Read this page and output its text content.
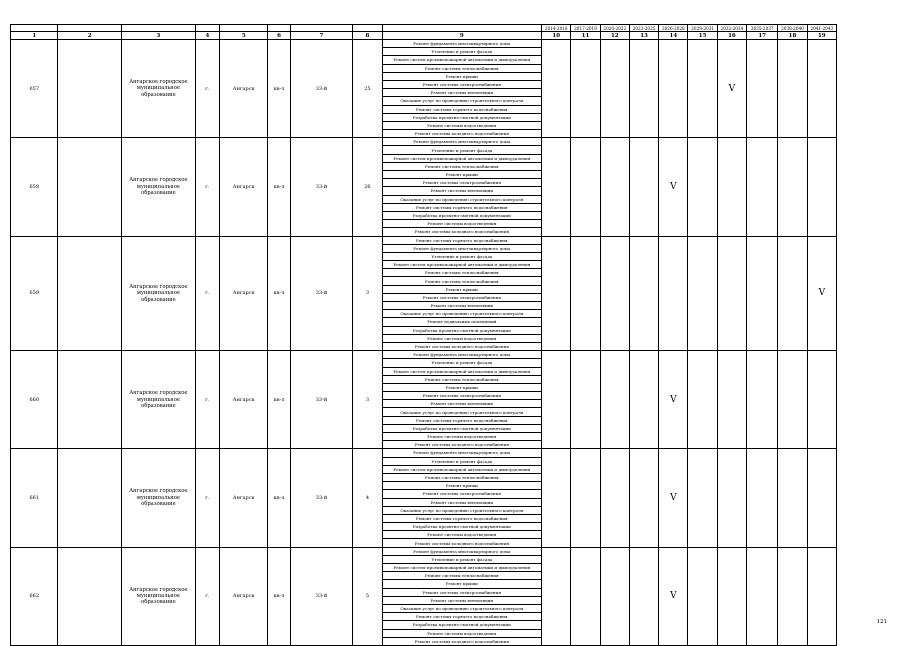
									2014-2016	2017-2019	2020-2022	2023-2025	2026-2028	2029-2031	2032-2034	2035-2037	2038-2040	2041-2043
1	2	3	4	5	6	7	8	9	10	11	12	13	14	15	16	17	18	19
657		Ангарское городское муниципальное образование	г.	Ангарск	кв-л	33-й	25	Ремонт фундамента многоквартирного дома							V			
								Утепление и ремонт фасада										
								Ремонт систем противопожарной автоматики и дымоудаления										
								Ремонт системы теплоснабжения										
								Ремонт крыши										
								Ремонт системы электроснабжения										
								Ремонт системы вентиляции										
								Оказание услуг по проведению строительного контроля										
								Ремонт системы горячего водоснабжения										
								Разработка проектно-сметной документации										
								Ремонт системы водоотведения										
								Ремонт системы холодного водоснабжения										
658		Ангарское городское муниципальное образование	г.	Ангарск	кв-л	33-й	26	Ремонт фундамента многоквартирного дома					V					
								Утепление и ремонт фасада										
								Ремонт систем противопожарной автоматики и дымоудаления										
								Ремонт системы теплоснабжения										
								Ремонт крыши										
								Ремонт системы электроснабжения										
								Ремонт системы вентиляции										
								Оказание услуг по проведению строительного контроля										
								Ремонт системы горячего водоснабжения										
								Разработка проектно-сметной документации										
								Ремонт системы водоотведения										
								Ремонт системы холодного водоснабжения										
659		Ангарское городское муниципальное образование	г.	Ангарск	кв-л	33-й	3	Ремонт системы горячего водоснабжения										V
								Ремонт фундамента многоквартирного дома										
								Утепление и ремонт фасада										
								Ремонт систем противопожарной автоматики и дымоудаления										
								Ремонт системы теплоснабжения										
								Ремонт системы теплоснабжения										
								Ремонт крыши										
								Ремонт системы электроснабжения										
								Ремонт системы вентиляции										
								Оказание услуг по проведению строительного контроля										
								Ремонт подвальных помещений										
								Разработка проектно-сметной документации										
								Ремонт системы водоотведения										
								Ремонт системы холодного водоснабжения										
660		Ангарское городское муниципальное образование	г.	Ангарск	кв-л	33-й	3	Ремонт фундамента многоквартирного дома					V					
								Утепление и ремонт фасада										
								Ремонт систем противопожарной автоматики и дымоудаления										
								Ремонт системы теплоснабжения										
								Ремонт крыши										
								Ремонт системы электроснабжения										
								Ремонт системы вентиляции										
								Оказание услуг по проведению строительного контроля										
								Ремонт системы горячего водоснабжения										
								Разработка проектно-сметной документации										
								Ремонт системы водоотведения										
								Ремонт системы холодного водоснабжения										
661		Ангарское городское муниципальное образование	г.	Ангарск	кв-л	33-й	4	Ремонт фундамента многоквартирного дома					V					
								Утепление и ремонт фасада										
								Ремонт систем противопожарной автоматики и дымоудаления										
								Ремонт системы теплоснабжения										
								Ремонт крыши										
								Ремонт системы электроснабжения										
								Ремонт системы вентиляции										
								Оказание услуг по проведению строительного контроля										
								Ремонт системы горячего водоснабжения										
								Разработка проектно-сметной документации										
								Ремонт системы водоотведения										
								Ремонт системы холодного водоснабжения										
662		Ангарское городское муниципальное образование	г.	Ангарск	кв-л	33-й	5	Ремонт фундамента многоквартирного дома					V					
								Утепление и ремонт фасада										
								Ремонт систем противопожарной автоматики и дымоудаления										
								Ремонт системы теплоснабжения										
								Ремонт крыши										
								Ремонт системы электроснабжения										
								Ремонт системы вентиляции										
								Оказание услуг по проведению строительного контроля										
								Ремонт системы горячего водоснабжения										
								Разработка проектно-сметной документации										
								Ремонт системы водоотведения										
								Ремонт системы холодного водоснабжения										
121
